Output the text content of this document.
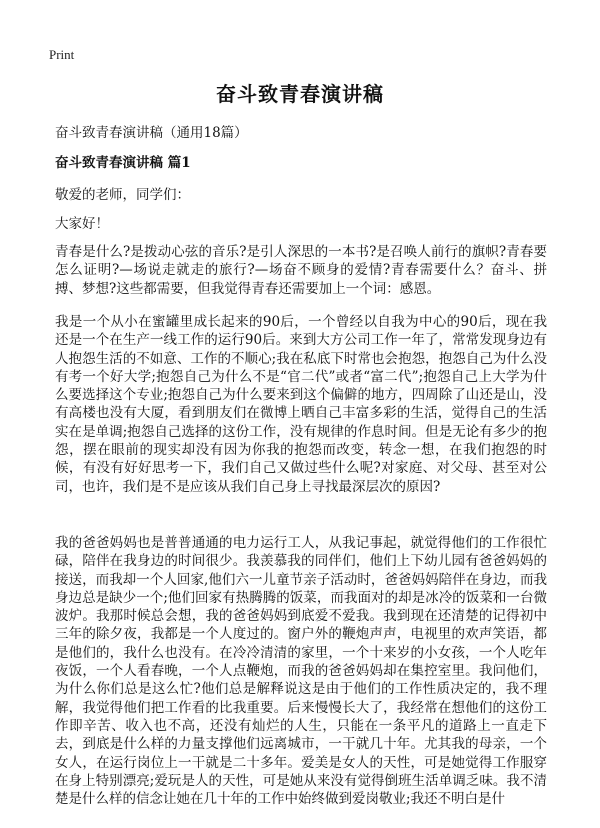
Print
奋斗致青春演讲稿
奋斗致青春演讲稿（通用18篇）
奋斗致青春演讲稿 篇1
敬爱的老师，同学们：
大家好！

青春是什么?是拨动心弦的音乐?是引人深思的一本书?是召唤人前行的旗帜?青春要怎么证明?—场说走就走的旅行?—场奋不顾身的爱情?青春需要什么？奋斗、拼搏、梦想?这些都需要，但我觉得青春还需要加上一个词：感恩。

我是一个从小在蜜罐里成长起来的90后，一个曾经以自我为中心的90后，现在我还是一个在生产一线工作的运行90后。来到大方公司工作一年了，常常发现身边有人抱怨生活的不如意、工作的不顺心;我在私底下时常也会抱怨，抱怨自己为什么没有考一个好大学;抱怨自己为什么不是“官二代”或者“富二代”;抱怨自己上大学为什么要选择这个专业;抱怨自己为什么要来到这个偏僻的地方，四周除了山还是山，没有高楼也没有大厦，看到朋友们在微博上晒自己丰富多彩的生活，觉得自己的生活实在是单调;抱怨自己选择的这份工作，没有规律的作息时间。但是无论有多少的抱怨，摆在眼前的现实却没有因为你我的抱怨而改变，转念一想，在我们抱怨的时候，有没有好好思考一下，我们自己又做过些什么呢?对家庭、对父母、甚至对公司，也许，我们是不是应该从我们自己身上寻找最深层次的原因?

我的爸爸妈妈也是普普通通的电力运行工人，从我记事起，就觉得他们的工作很忙碌，陪伴在我身边的时间很少。我羡慕我的同伴们，他们上下幼儿园有爸爸妈妈的接送，而我却一个人回家,他们六一儿童节亲子活动时，爸爸妈妈陪伴在身边，而我身边总是缺少一个;他们回家有热腾腾的饭菜，而我面对的却是冰冷的饭菜和一台微波炉。我那时候总会想，我的爸爸妈妈到底爱不爱我。我到现在还清楚的记得初中三年的除夕夜，我都是一个人度过的。窗户外的鞭炮声声，电视里的欢声笑语，都是他们的，我什么也没有。在冷冷清清的家里，一个十来岁的小女孩，一个人吃年夜饭，一个人看春晚，一个人点鞭炮，而我的爸爸妈妈却在集控室里。我问他们，为什么你们总是这么忙?他们总是解释说这是由于他们的工作性质决定的，我不理解，我觉得他们把工作看的比我重要。后来慢慢长大了，我经常在想他们的这份工作即辛苦、收入也不高，还没有灿烂的人生，只能在一条平凡的道路上一直走下去，到底是什么样的力量支撑他们远离城市，一干就几十年。尤其我的母亲，一个女人，在运行岗位上一干就是二十多年。爱美是女人的天性，可是她觉得工作服穿在身上特别漂亮;爱玩是人的天性，可是她从来没有觉得倒班生活单调乏味。我不清楚是什么样的信念让她在几十年的工作中始终做到爱岗敬业;我还不明白是什
